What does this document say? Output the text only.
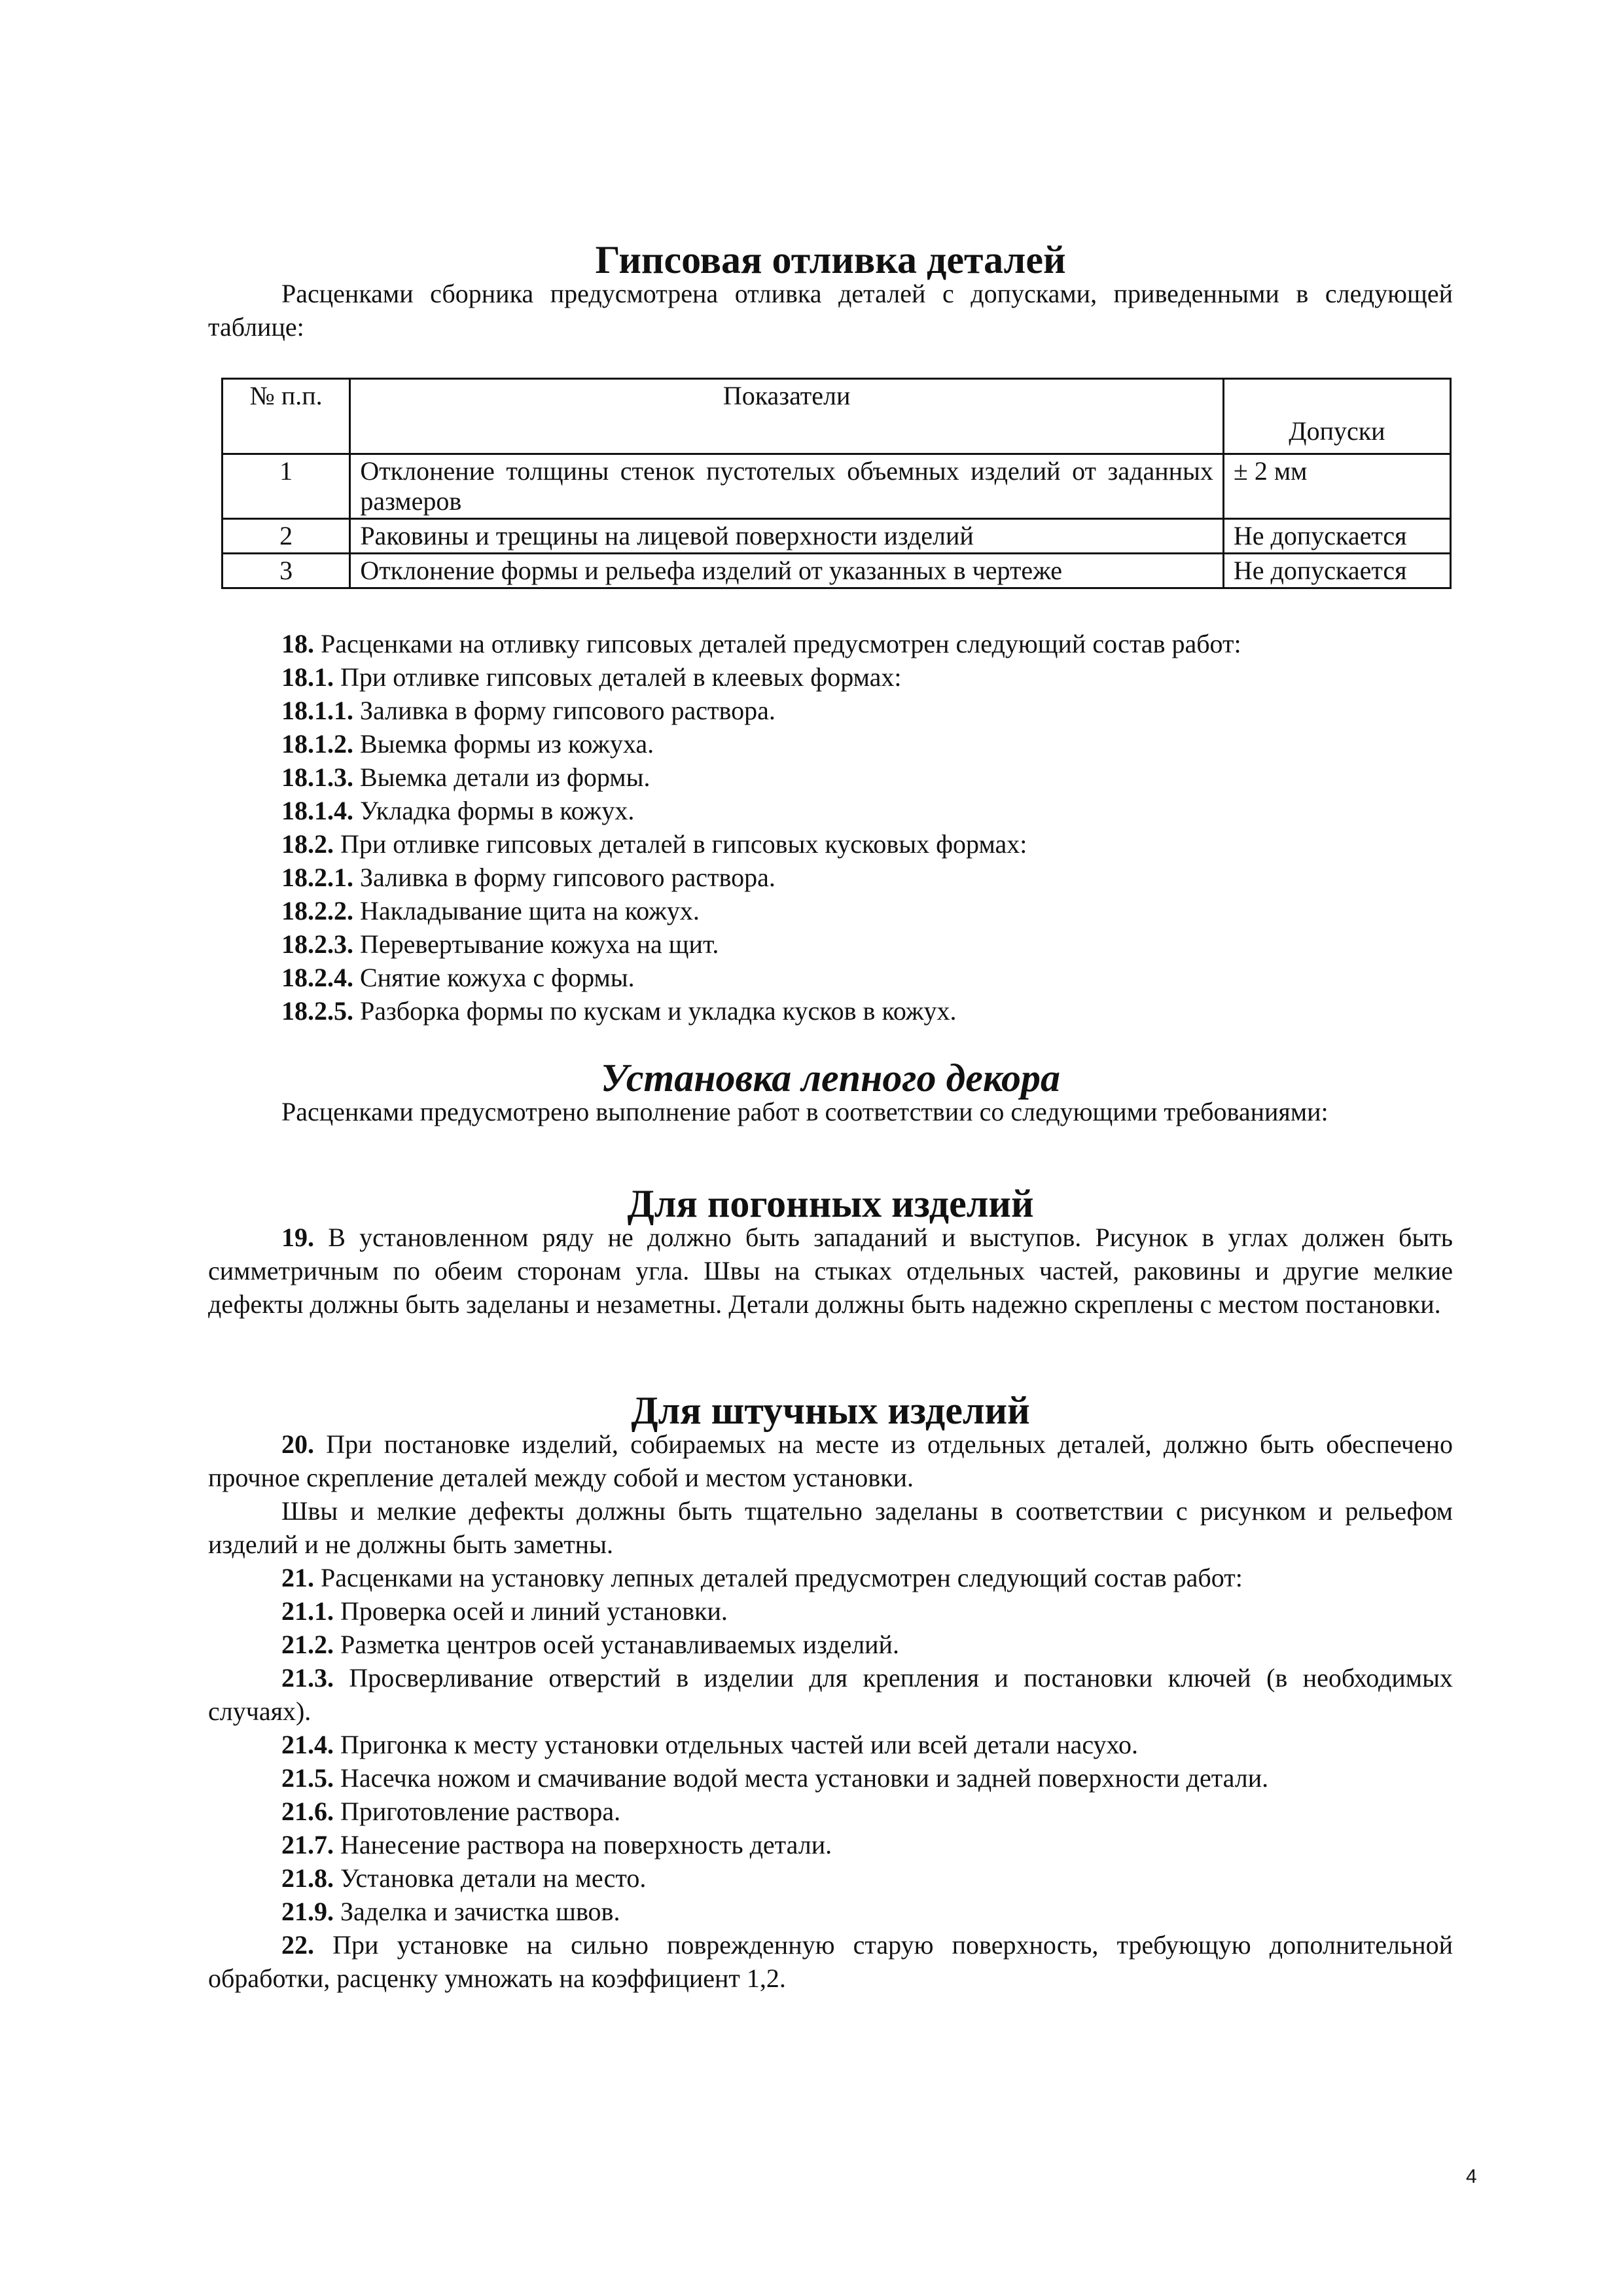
Гипсовая отливка деталей

Расценками сборника предусмотрена отливка деталей с допусками, приведенными в следующей таблице:

№ п.п.	Показатели	Допуски
1	Отклонение толщины стенок пустотелых объемных изделий от заданных размеров	± 2 мм
2	Раковины и трещины на лицевой поверхности изделий	Не допускается
3	Отклонение формы и рельефа изделий от указанных в чертеже	Не допускается

18. Расценками на отливку гипсовых деталей предусмотрен следующий состав работ:

18.1. При отливке гипсовых деталей в клеевых формах:

18.1.1. Заливка в форму гипсового раствора.

18.1.2. Выемка формы из кожуха.

18.1.3. Выемка детали из формы.

18.1.4. Укладка формы в кожух.

18.2. При отливке гипсовых деталей в гипсовых кусковых формах:

18.2.1. Заливка в форму гипсового раствора.

18.2.2. Накладывание щита на кожух.

18.2.3. Перевертывание кожуха на щит.

18.2.4. Снятие кожуха с формы.

18.2.5. Разборка формы по кускам и укладка кусков в кожух.

Установка лепного декора

Расценками предусмотрено выполнение работ в соответствии со следующими требованиями:

Для погонных изделий

19. В установленном ряду не должно быть западаний и выступов. Рисунок в углах должен быть симметричным по обеим сторонам угла. Швы на стыках отдельных частей, раковины и другие мелкие дефекты должны быть заделаны и незаметны. Детали должны быть надежно скреплены с местом постановки.

Для штучных изделий

20. При постановке изделий, собираемых на месте из отдельных деталей, должно быть обеспечено прочное скрепление деталей между собой и местом установки.

Швы и мелкие дефекты должны быть тщательно заделаны в соответствии с рисунком и рельефом изделий и не должны быть заметны.

21. Расценками на установку лепных деталей предусмотрен следующий состав работ:

21.1. Проверка осей и линий установки.

21.2. Разметка центров осей устанавливаемых изделий.

21.3. Просверливание отверстий в изделии для крепления и постановки ключей (в необходимых случаях).

21.4. Пригонка к месту установки отдельных частей или всей детали насухо.

21.5. Насечка ножом и смачивание водой места установки и задней поверхности детали.

21.6. Приготовление раствора.

21.7. Нанесение раствора на поверхность детали.

21.8. Установка детали на место.

21.9. Заделка и зачистка швов.

22. При установке на сильно поврежденную старую поверхность, требующую дополнительной обработки, расценку умножать на коэффициент 1,2.

4
